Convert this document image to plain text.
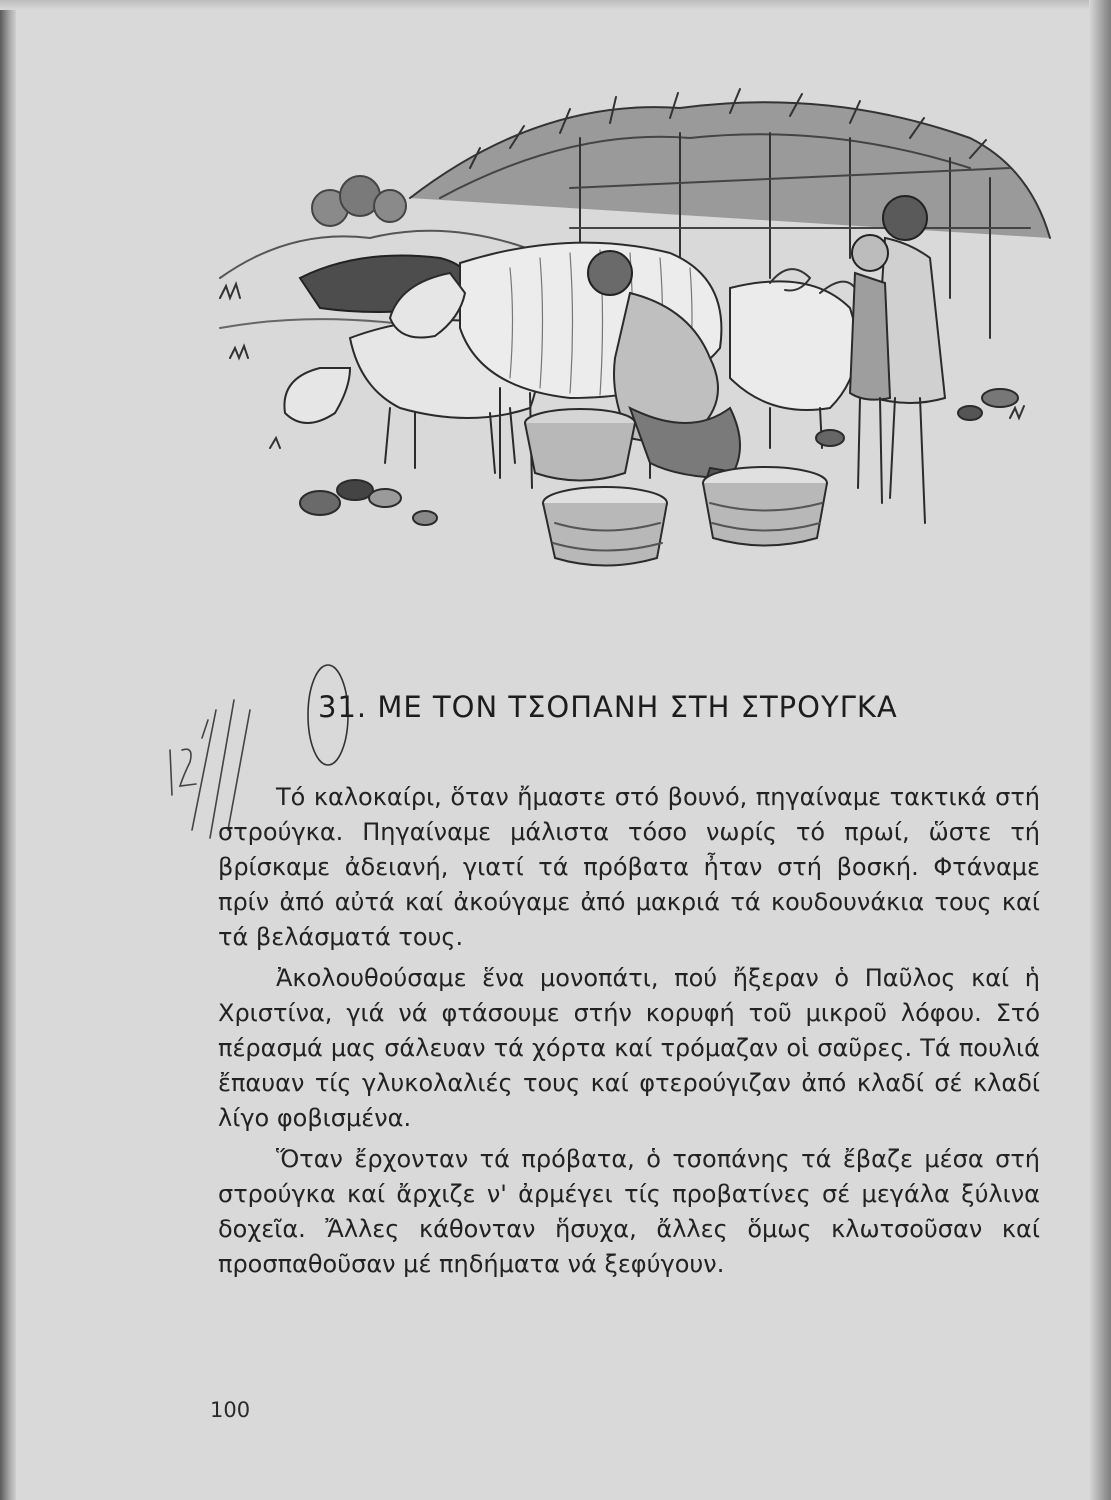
31. ΜΕ ΤΟΝ ΤΣΟΠΑΝΗ ΣΤΗ ΣΤΡΟΥΓΚΑ

Τό καλοκαίρι, ὅταν ἤμαστε στό βουνό, πηγαίναμε τακτικά στή στρούγκα. Πηγαίναμε μάλιστα τόσο νωρίς τό πρωί, ὥστε τή βρίσκαμε ἀδειανή, γιατί τά πρόβατα ἦταν στή βοσκή. Φτάναμε πρίν ἀπό αὐτά καί ἀκούγαμε ἀπό μακριά τά κουδουνάκια τους καί τά βελάσματά τους.

Ἀκολουθούσαμε ἕνα μονοπάτι, πού ἤξεραν ὁ Παῦλος καί ἡ Χριστίνα, γιά νά φτάσουμε στήν κορυφή τοῦ μικροῦ λόφου. Στό πέρασμά μας σάλευαν τά χόρτα καί τρόμαζαν οἱ σαῦρες. Τά πουλιά ἔπαυαν τίς γλυκολαλιές τους καί φτερούγιζαν ἀπό κλαδί σέ κλαδί λίγο φοβισμένα.

Ὅταν ἔρχονταν τά πρόβατα, ὁ τσοπάνης τά ἔβαζε μέσα στή στρούγκα καί ἄρχιζε ν' ἀρμέγει τίς προβατίνες σέ μεγάλα ξύλινα δοχεῖα. Ἄλλες κάθονταν ἥσυχα, ἄλλες ὅμως κλωτσοῦσαν καί προσπαθοῦσαν μέ πηδήματα νά ξεφύγουν.

100
